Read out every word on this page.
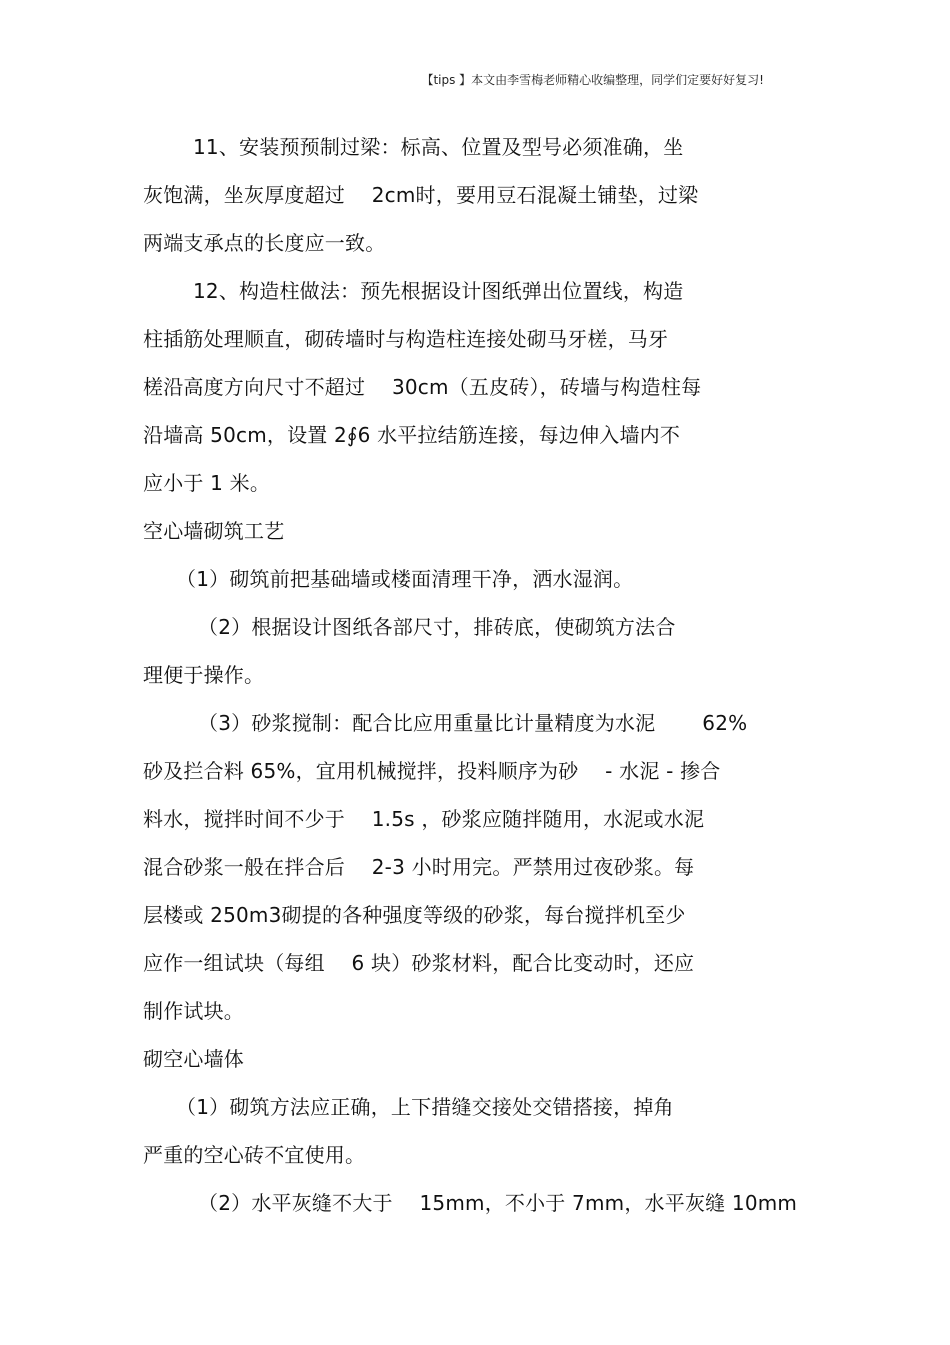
【tips 】本文由李雪梅老师精心收编整理，同学们定要好好复习!
11、安装预预制过梁：标高、位置及型号必须准确，坐
灰饱满，坐灰厚度超过　 2cm时，要用豆石混凝土铺垫，过梁
两端支承点的长度应一致。
12、构造柱做法：预先根据设计图纸弹出位置线，构造
柱插筋处理顺直，砌砖墙时与构造柱连接处砌马牙槎，马牙
槎沿高度方向尺寸不超过　 30cm（五皮砖），砖墙与构造柱每
沿墙高 50cm，设置 2∮6 水平拉结筋连接，每边伸入墙内不
应小于 1 米。
空心墙砌筑工艺
（1）砌筑前把基础墙或楼面清理干净，洒水湿润。
（2）根据设计图纸各部尺寸，排砖底，使砌筑方法合
理便于操作。
（3）砂浆搅制：配合比应用重量比计量精度为水泥　　 62%
砂及拦合料 65%，宜用机械搅拌，投料顺序为砂　 - 水泥 - 掺合
料水，搅拌时间不少于　 1.5s ，砂浆应随拌随用，水泥或水泥
混合砂浆一般在拌合后　 2-3 小时用完。严禁用过夜砂浆。每
层楼或 250m3砌提的各种强度等级的砂浆，每台搅拌机至少
应作一组试块（每组　 6 块）砂浆材料，配合比变动时，还应
制作试块。
砌空心墙体
（1）砌筑方法应正确，上下措缝交接处交错搭接，掉角
严重的空心砖不宜使用。
（2）水平灰缝不大于　 15mm，不小于 7mm，水平灰缝 10mm
